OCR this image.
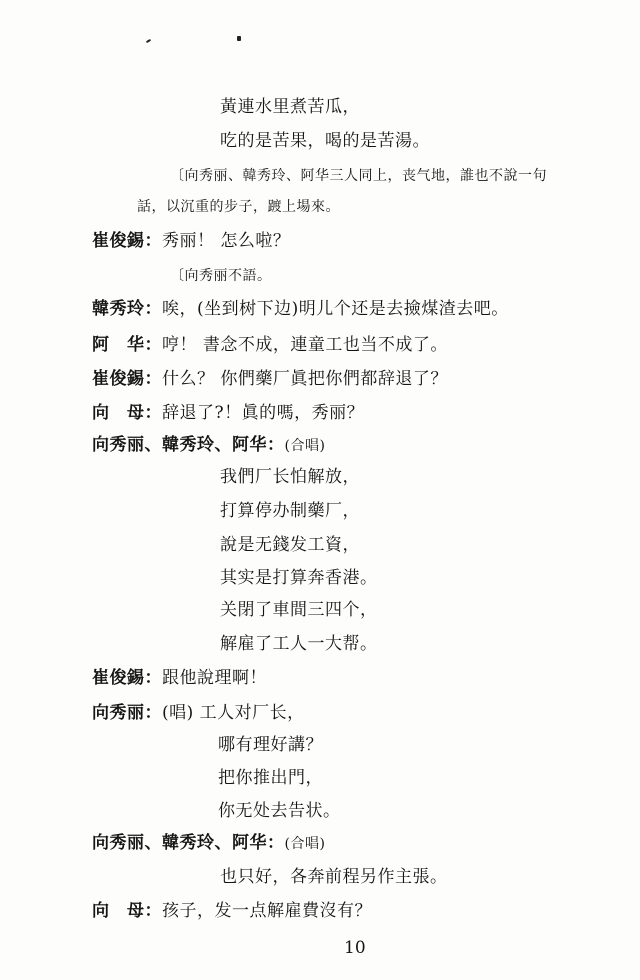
黃連水里煮苦瓜，
吃的是苦果，喝的是苦湯。
〔向秀丽、韓秀玲、阿华三人同上，丧气地，誰也不說一句
話，以沉重的步子，踱上場來。
崔俊錫：秀丽！ 怎么啦？
〔向秀丽不語。
韓秀玲：唉，(坐到树下边)明儿个还是去撿煤渣去吧。
阿　华：哼！ 書念不成，連童工也当不成了。
崔俊錫：什么？ 你們藥厂眞把你們都辞退了？
向　母：辞退了?！眞的嗎，秀丽？
向秀丽、韓秀玲、阿华：(合唱)
我們厂长怕解放，
打算停办制藥厂，
說是无錢发工資，
其实是打算奔香港。
关閉了車間三四个，
解雇了工人一大帮。
崔俊錫：跟他說理啊！
向秀丽：(唱) 工人对厂长，
哪有理好講？
把你推出門，
你无处去告状。
向秀丽、韓秀玲、阿华：(合唱)
也只好，各奔前程另作主張。
向　母：孩子，发一点解雇費沒有？
10
